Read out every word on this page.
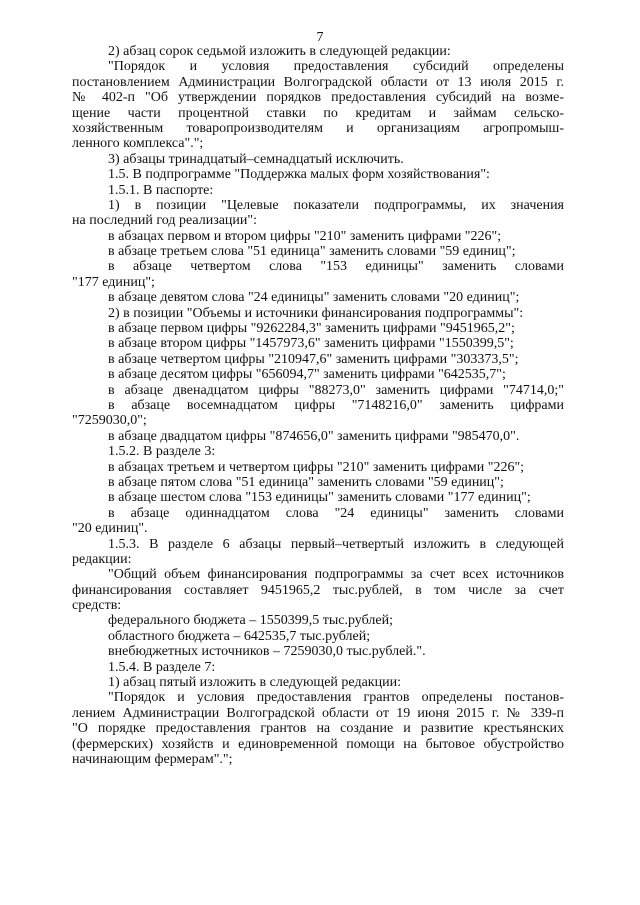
7
2) абзац сорок седьмой изложить в следующей редакции:
"Порядок и условия предоставления субсидий определены
постановлением Администрации Волгоградской области от 13 июля 2015 г.
№ 402-п "Об утверждении порядков предоставления субсидий на возме-
щение части процентной ставки по кредитам и займам сельско-
хозяйственным товаропроизводителям и организациям агропромыш-
ленного комплекса".";
3) абзацы тринадцатый–семнадцатый исключить.
1.5. В подпрограмме "Поддержка малых форм хозяйствования":
1.5.1. В паспорте:
1) в позиции "Целевые показатели подпрограммы, их значения
на последний год реализации":
в абзацах первом и втором цифры "210" заменить цифрами "226";
в абзаце третьем слова "51 единица" заменить словами "59 единиц";
в абзаце четвертом слова "153 единицы" заменить словами
"177 единиц";
в абзаце девятом слова "24 единицы" заменить словами "20 единиц";
2) в позиции "Объемы и источники финансирования подпрограммы":
в абзаце первом цифры "9262284,3" заменить цифрами "9451965,2";
в абзаце втором цифры "1457973,6" заменить цифрами "1550399,5";
в абзаце четвертом цифры "210947,6" заменить цифрами "303373,5";
в абзаце десятом цифры "656094,7" заменить цифрами "642535,7";
в абзаце двенадцатом цифры "88273,0" заменить цифрами "74714,0;"
в абзаце восемнадцатом цифры "7148216,0" заменить цифрами
"7259030,0";
в абзаце двадцатом цифры "874656,0" заменить цифрами "985470,0".
1.5.2. В разделе 3:
в абзацах третьем и четвертом цифры "210" заменить цифрами "226";
в абзаце пятом слова "51 единица" заменить словами "59 единиц";
в абзаце шестом слова "153 единицы" заменить словами "177 единиц";
в абзаце одиннадцатом слова "24 единицы" заменить словами
"20 единиц".
1.5.3. В разделе 6 абзацы первый–четвертый изложить в следующей
редакции:
"Общий объем финансирования подпрограммы за счет всех источников
финансирования составляет 9451965,2 тыс.рублей, в том числе за счет
средств:
федерального бюджета – 1550399,5 тыс.рублей;
областного бюджета – 642535,7 тыс.рублей;
внебюджетных источников – 7259030,0 тыс.рублей.".
1.5.4. В разделе 7:
1) абзац пятый изложить в следующей редакции:
"Порядок и условия предоставления грантов определены постанов-
лением Администрации Волгоградской области от 19 июня 2015 г. № 339-п
"О порядке предоставления грантов на создание и развитие крестьянских
(фермерских) хозяйств и единовременной помощи на бытовое обустройство
начинающим фермерам".";
